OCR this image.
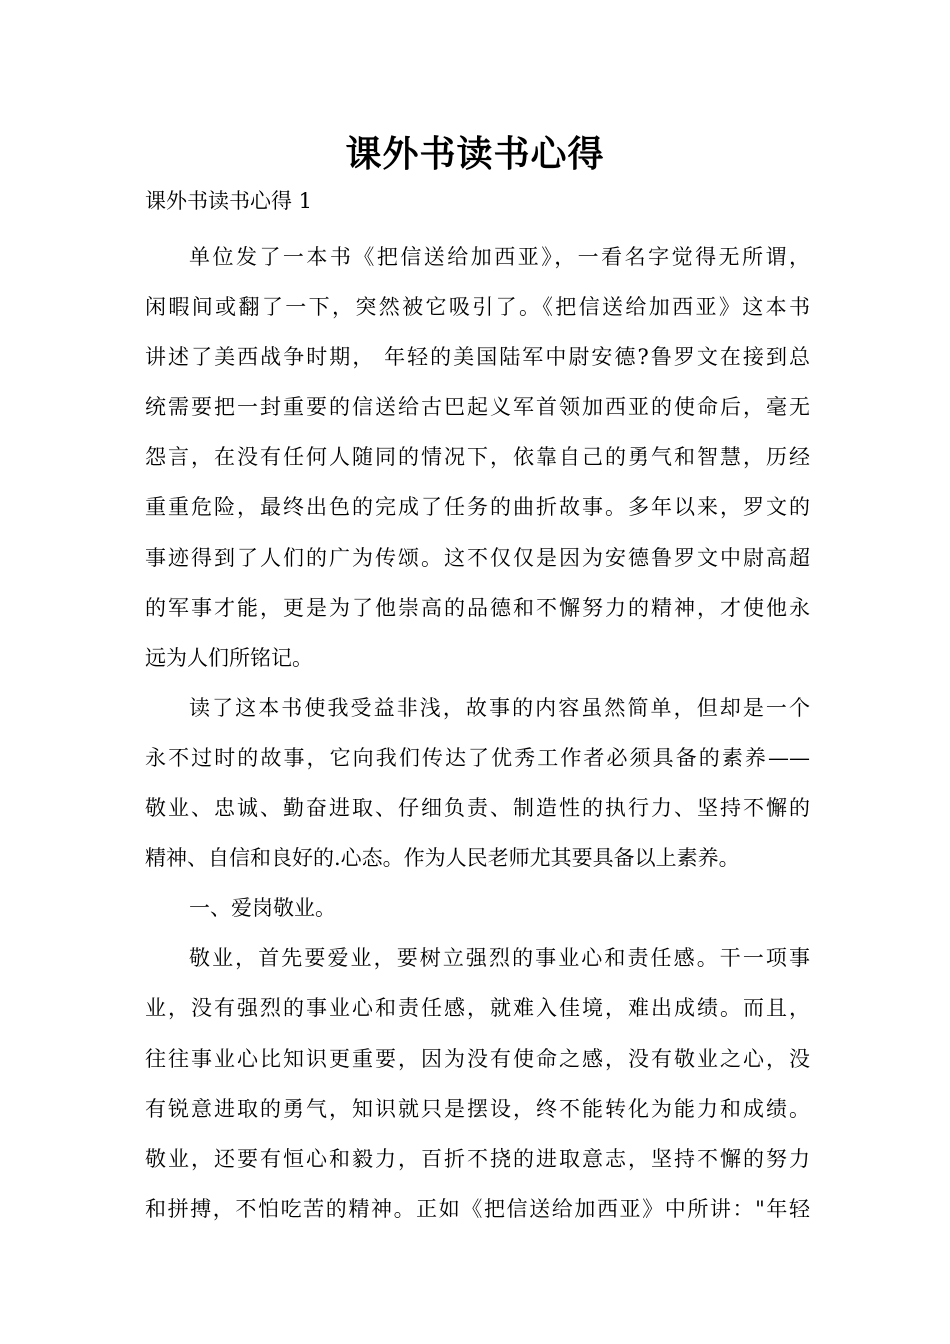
课外书读书心得
课外书读书心得 1
单位发了一本书《把信送给加西亚》，一看名字觉得无所谓，
闲暇间或翻了一下，突然被它吸引了。《把信送给加西亚》这本书
讲述了美西战争时期， 年轻的美国陆军中尉安德?鲁罗文在接到总
统需要把一封重要的信送给古巴起义军首领加西亚的使命后，毫无
怨言，在没有任何人随同的情况下，依靠自己的勇气和智慧，历经
重重危险，最终出色的完成了任务的曲折故事。多年以来，罗文的
事迹得到了人们的广为传颂。这不仅仅是因为安德鲁罗文中尉高超
的军事才能，更是为了他崇高的品德和不懈努力的精神，才使他永
远为人们所铭记。
读了这本书使我受益非浅，故事的内容虽然简单，但却是一个
永不过时的故事，它向我们传达了优秀工作者必须具备的素养——
敬业、忠诚、勤奋进取、仔细负责、制造性的执行力、坚持不懈的
精神、自信和良好的.心态。作为人民老师尤其要具备以上素养。
一、爱岗敬业。
敬业，首先要爱业，要树立强烈的事业心和责任感。干一项事
业，没有强烈的事业心和责任感，就难入佳境，难出成绩。而且，
往往事业心比知识更重要，因为没有使命之感，没有敬业之心，没
有锐意进取的勇气，知识就只是摆设，终不能转化为能力和成绩。
敬业，还要有恒心和毅力，百折不挠的进取意志，坚持不懈的努力
和拼搏，不怕吃苦的精神。正如《把信送给加西亚》中所讲："年轻
